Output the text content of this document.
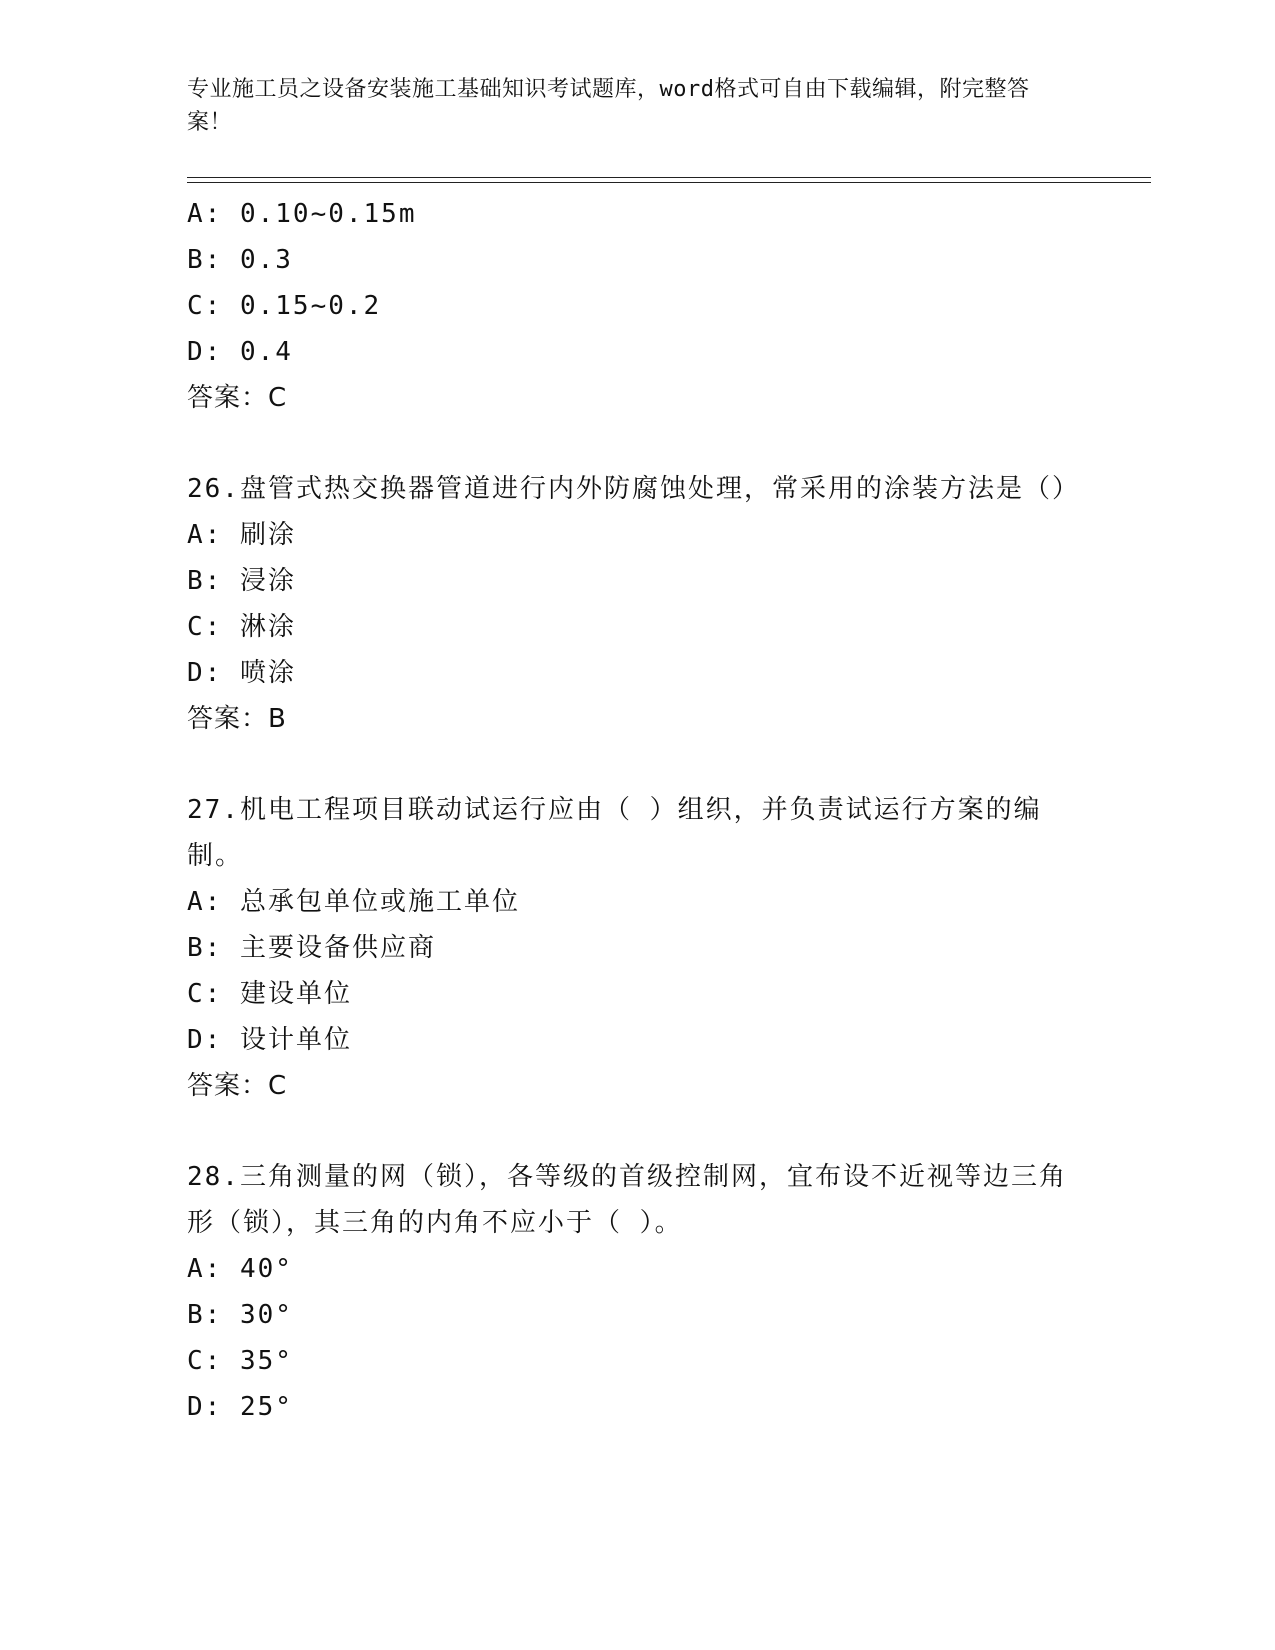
专业施工员之设备安装施工基础知识考试题库，word格式可自由下载编辑，附完整答案！
A: 0.10~0.15m
B: 0.3
C: 0.15~0.2
D: 0.4
答案：C
26.盘管式热交换器管道进行内外防腐蚀处理，常采用的涂装方法是（）
A: 刷涂
B: 浸涂
C: 淋涂
D: 喷涂
答案：B
27.机电工程项目联动试运行应由（ ）组织，并负责试运行方案的编制。
A: 总承包单位或施工单位
B: 主要设备供应商
C: 建设单位
D: 设计单位
答案：C
28.三角测量的网（锁），各等级的首级控制网，宜布设不近视等边三角形（锁），其三角的内角不应小于（ ）。
A: 40°
B: 30°
C: 35°
D: 25°
